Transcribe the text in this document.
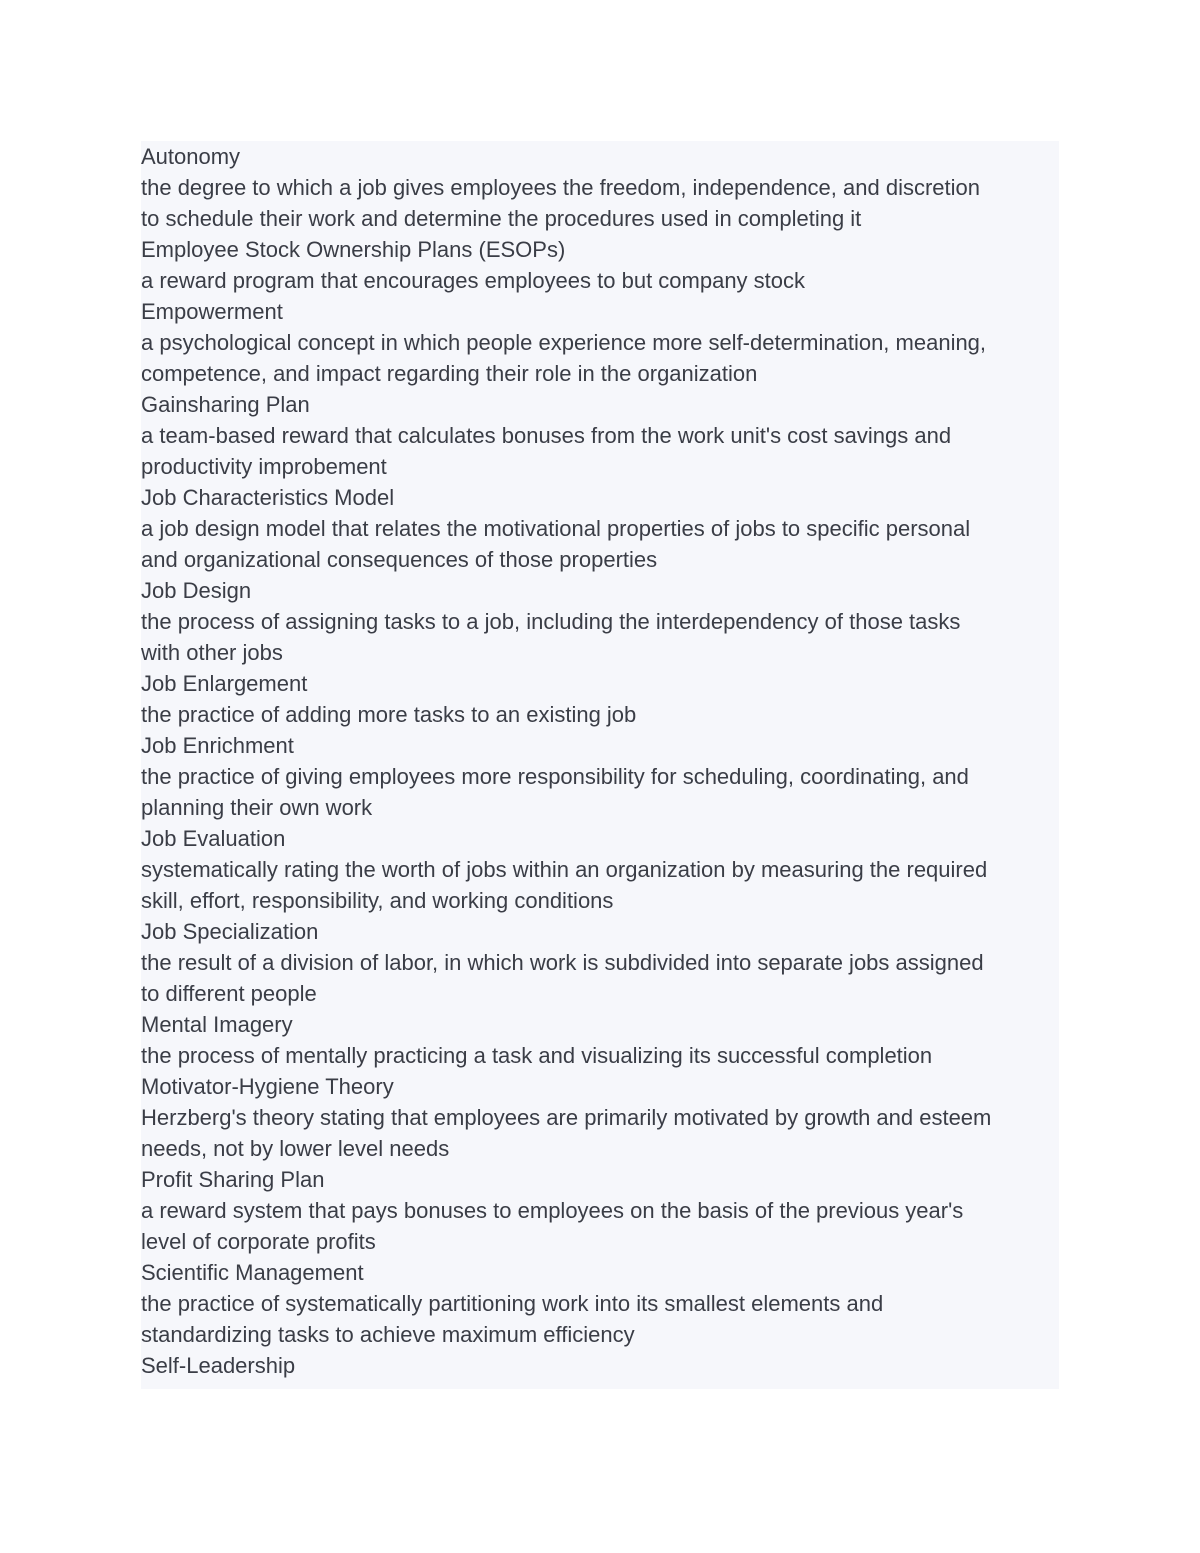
Autonomy
the degree to which a job gives employees the freedom, independence, and discretion
to schedule their work and determine the procedures used in completing it
Employee Stock Ownership Plans (ESOPs)
a reward program that encourages employees to but company stock
Empowerment
a psychological concept in which people experience more self-determination, meaning,
competence, and impact regarding their role in the organization
Gainsharing Plan
a team-based reward that calculates bonuses from the work unit's cost savings and
productivity improbement
Job Characteristics Model
a job design model that relates the motivational properties of jobs to specific personal
and organizational consequences of those properties
Job Design
the process of assigning tasks to a job, including the interdependency of those tasks
with other jobs
Job Enlargement
the practice of adding more tasks to an existing job
Job Enrichment
the practice of giving employees more responsibility for scheduling, coordinating, and
planning their own work
Job Evaluation
systematically rating the worth of jobs within an organization by measuring the required
skill, effort, responsibility, and working conditions
Job Specialization
the result of a division of labor, in which work is subdivided into separate jobs assigned
to different people
Mental Imagery
the process of mentally practicing a task and visualizing its successful completion
Motivator-Hygiene Theory
Herzberg's theory stating that employees are primarily motivated by growth and esteem
needs, not by lower level needs
Profit Sharing Plan
a reward system that pays bonuses to employees on the basis of the previous year's
level of corporate profits
Scientific Management
the practice of systematically partitioning work into its smallest elements and
standardizing tasks to achieve maximum efficiency
Self-Leadership
